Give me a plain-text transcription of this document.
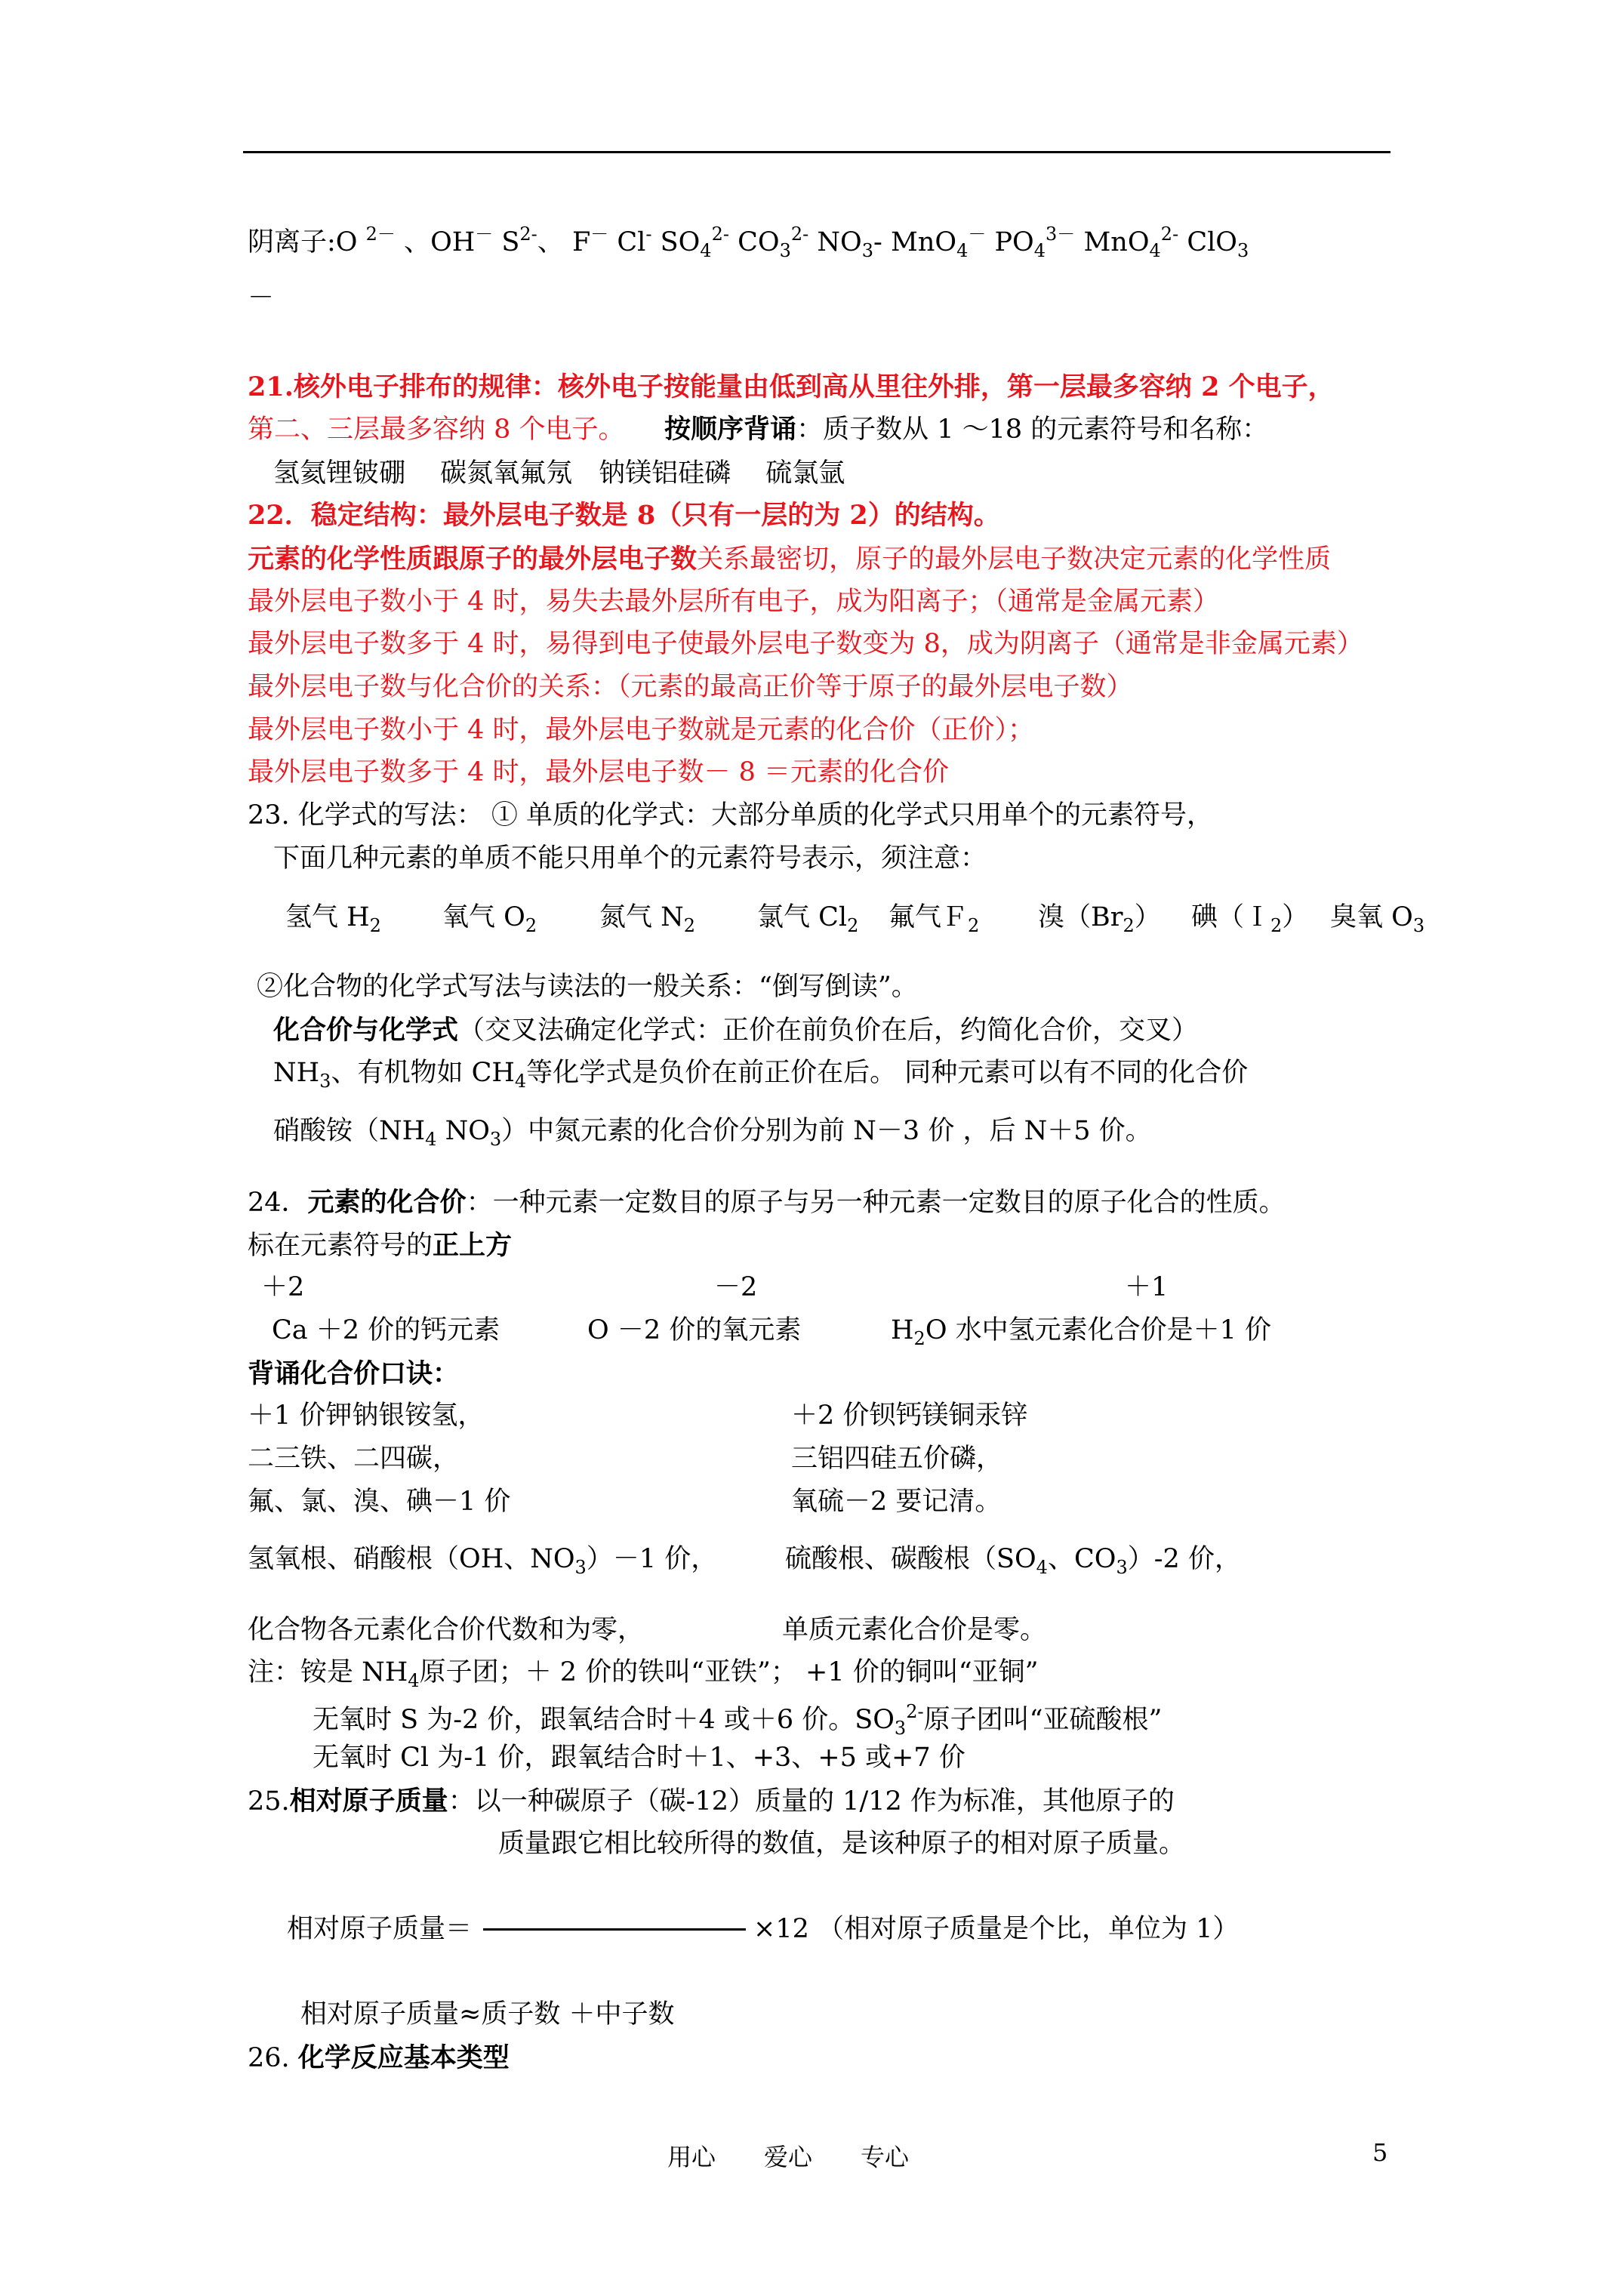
阴离子:O $^{2-}$ 、OH－ $S^{2-}$、 F－ Cl- $SO_4^{2-}$ $CO_3^{2-}$ $NO_3-$ MnO$_4$－ $PO_4^{3-}$ MnO$_4^{2-}$ ClO$_3$
－
21.核外电子排布的规律：核外电子按能量由低到高从里往外排，第一层最多容纳 2 个电子，
第二、三层最多容纳 8 个电子。　　 按顺序背诵：质子数从 1 ～18 的元素符号和名称：
氢氦锂铍硼　 碳氮氧氟氖　钠镁铝硅磷　 硫氯氩
22．稳定结构：最外层电子数是 8（只有一层的为 2）的结构。
元素的化学性质跟原子的最外层电子数关系最密切，原子的最外层电子数决定元素的化学性质
最外层电子数小于 4 时，易失去最外层所有电子，成为阳离子；（通常是金属元素）
最外层电子数多于 4 时，易得到电子使最外层电子数变为 8，成为阴离子（通常是非金属元素）
最外层电子数与化合价的关系：（元素的最高正价等于原子的最外层电子数）
最外层电子数小于 4 时，最外层电子数就是元素的化合价（正价）；
最外层电子数多于 4 时，最外层电子数－ 8 ＝元素的化合价
23. 化学式的写法： ① 单质的化学式：大部分单质的化学式只用单个的元素符号，
下面几种元素的单质不能只用单个的元素符号表示，须注意：
氢气 $H_2$ 氧气 $O_2$ 氮气 $N_2$ 氯气 $Cl_2$ 氟气Ｆ$_2$ 溴$(Br_2)$ 碘（Ｉ$_2$） 臭氧 $O_3$
②化合物的化学式写法与读法的一般关系：“倒写倒读”。
化合价与化学式（交叉法确定化学式：正价在前负价在后，约简化合价，交叉）
$NH_3$、有机物如 $CH_4$等化学式是负价在前正价在后。 同种元素可以有不同的化合价
硝酸铵（$NH_4$ $NO_3$）中氮元素的化合价分别为前 N－3 价 ，后 N＋5 价。
24．元素的化合价：一种元素一定数目的原子与另一种元素一定数目的原子化合的性质。
标在元素符号的正上方
＋2	－2	＋1
Ca ＋2 价的钙元素	O －2 价的氧元素	$H_2O$ 水中氢元素化合价是＋1 价
背诵化合价口诀：
＋1 价钾钠银铵氢，	＋2 价钡钙镁铜汞锌
二三铁、二四碳，	三铝四硅五价磷，
氟、氯、溴、碘－1 价	氧硫－2 要记清。
氢氧根、硝酸根（OH、$NO_3)-1$ 价，	硫酸根、碳酸根（$SO_4$、$CO_3)-2$ 价，
化合物各元素化合价代数和为零，	单质元素化合价是零。
注：铵是 $NH_4$原子团；＋ 2 价的铁叫“亚铁”； +1 价的铜叫“亚铜”
无氧时 S 为-2 价，跟氧结合时＋4 或＋6 价。$SO_3^{2-}$原子团叫“亚硫酸根”
无氧时 Cl 为-1 价，跟氧结合时＋1、+3、+5 或+7 价
25.相对原子质量：以一种碳原子（碳-12）质量的 1/12 作为标准，其他原子的
质量跟它相比较所得的数值，是该种原子的相对原子质量。
相对原子质量＝	×12 （相对原子质量是个比，单位为 1）
相对原子质量≈质子数 ＋中子数
26. 化学反应基本类型
用心　　爱心　　专心	5
